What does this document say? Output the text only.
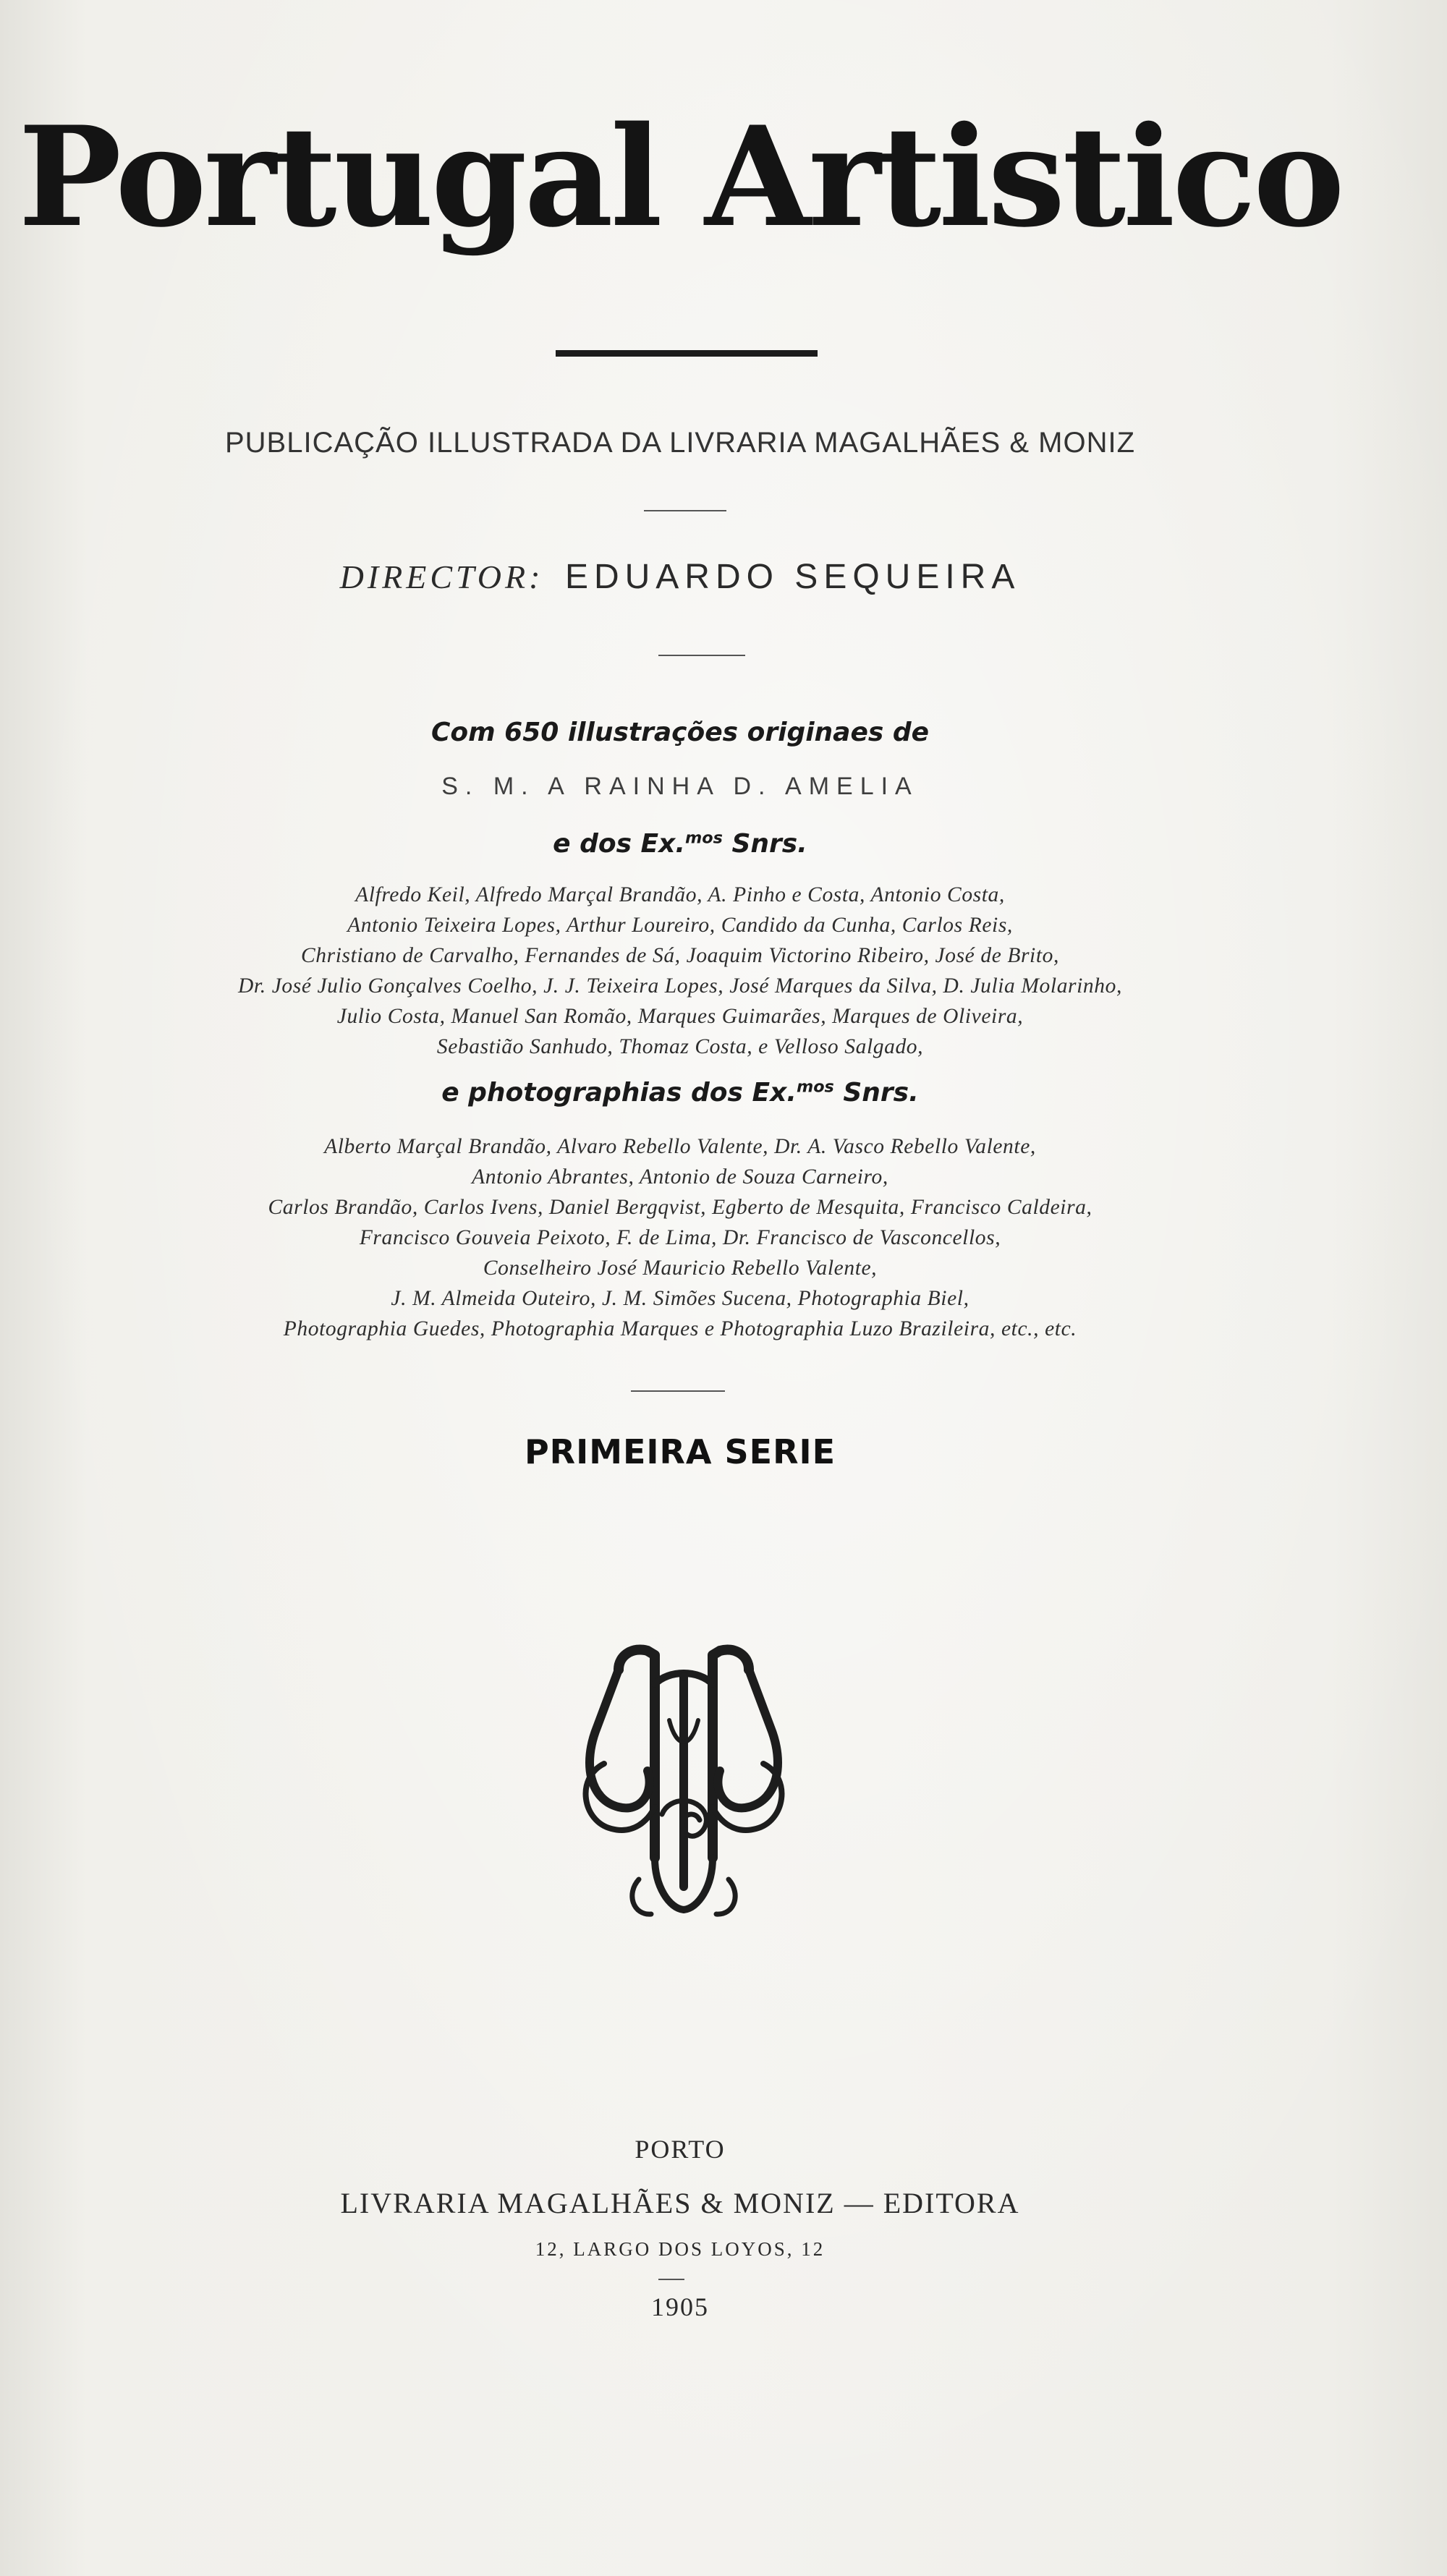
Portugal Artistico
PUBLICAÇÃO ILLUSTRADA DA LIVRARIA MAGALHÃES & MONIZ
DIRECTOR: EDUARDO SEQUEIRA
Com 650 illustrações originaes de
S. M. A RAINHA D. AMELIA
e dos Ex.$^{mos}$ Snrs.
Alfredo Keil, Alfredo Marçal Brandão, A. Pinho e Costa, Antonio Costa,
Antonio Teixeira Lopes, Arthur Loureiro, Candido da Cunha, Carlos Reis,
Christiano de Carvalho, Fernandes de Sá, Joaquim Victorino Ribeiro, José de Brito,
Dr. José Julio Gonçalves Coelho, J. J. Teixeira Lopes, José Marques da Silva, D. Julia Molarinho,
Julio Costa, Manuel San Romão, Marques Guimarães, Marques de Oliveira,
Sebastião Sanhudo, Thomaz Costa, e Velloso Salgado,
e photographias dos Ex.$^{mos}$ Snrs.
Alberto Marçal Brandão, Alvaro Rebello Valente, Dr. A. Vasco Rebello Valente,
Antonio Abrantes, Antonio de Souza Carneiro,
Carlos Brandão, Carlos Ivens, Daniel Bergqvist, Egberto de Mesquita, Francisco Caldeira,
Francisco Gouveia Peixoto, F. de Lima, Dr. Francisco de Vasconcellos,
Conselheiro José Mauricio Rebello Valente,
J. M. Almeida Outeiro, J. M. Simões Sucena, Photographia Biel,
Photographia Guedes, Photographia Marques e Photographia Luzo Brazileira, etc., etc.
PRIMEIRA SERIE
PORTO
LIVRARIA MAGALHÃES & MONIZ — EDITORA
12, LARGO DOS LOYOS, 12
1905
